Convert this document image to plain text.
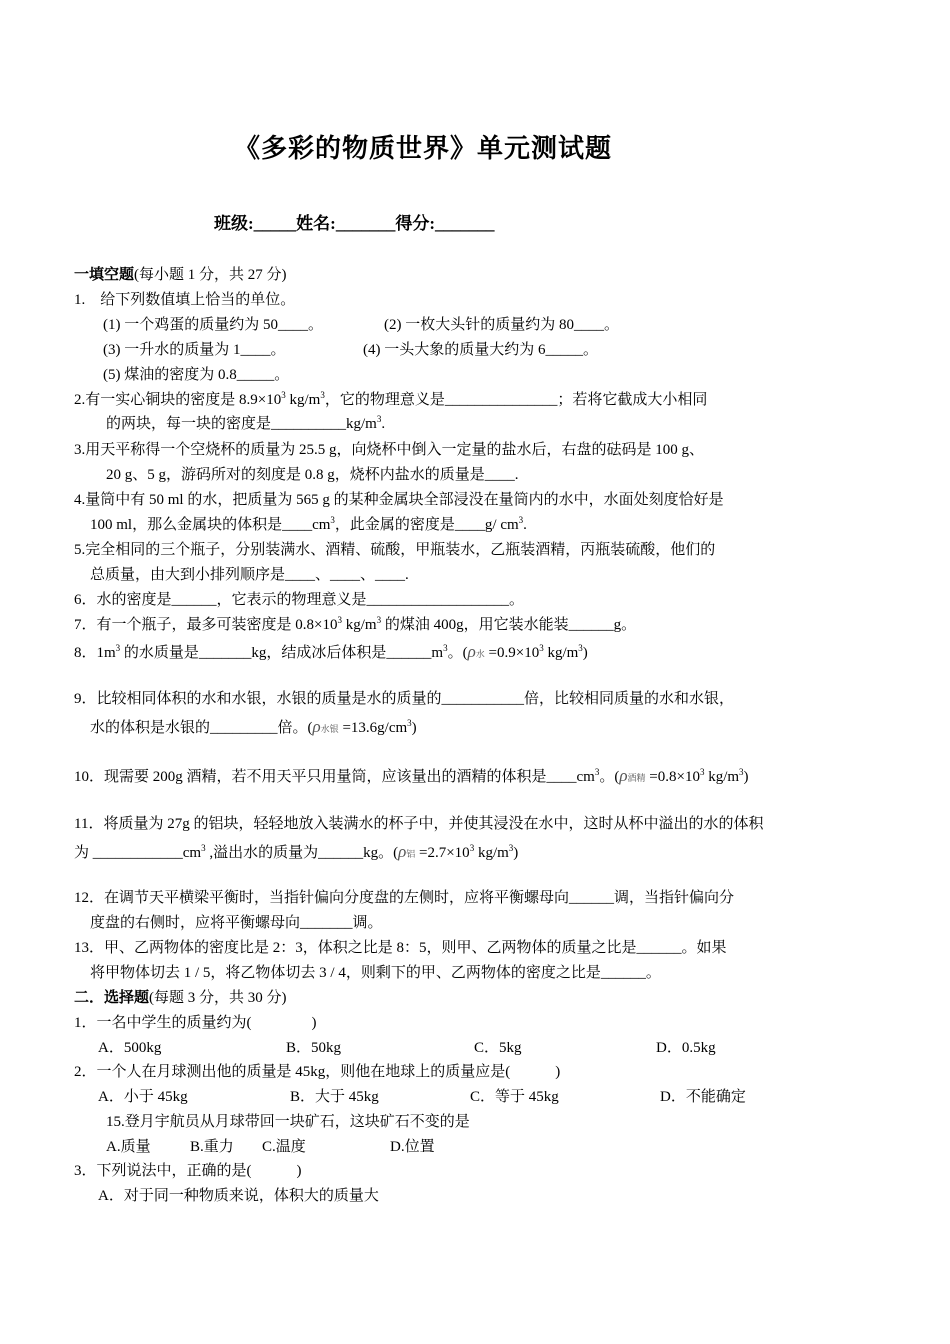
《多彩的物质世界》单元测试题
班级:_____姓名:_______得分:_______
一填空题(每小题 1 分，共 27 分)
1.　给下列数值填上恰当的单位。
(1) 一个鸡蛋的质量约为 50____。	(2) 一枚大头针的质量约为 80____。
(3) 一升水的质量为 1____。	(4) 一头大象的质量大约为 6_____。
(5) 煤油的密度为 0.8_____。
2.有一实心铜块的密度是 $8.9\times 10^3$ $kg/m^3$，它的物理意义是_______________；若将它截成大小相同
的两块，每一块的密度是$\_\_\_\_\_\_\_\_\_\_kg/m^3$.
3.用天平称得一个空烧杯的质量为 25.5 g，向烧杯中倒入一定量的盐水后，右盘的砝码是 100 g、
20 g、5 g，游码所对的刻度是 0.8 g，烧杯内盐水的质量是____.
4.量筒中有 50 ml 的水，把质量为 565 g 的某种金属块全部浸没在量筒内的水中，水面处刻度恰好是
100 ml，那么金属块的体积是$\_\_\_\_cm^3$，此金属的密度是____g/ $cm^3$.
5.完全相同的三个瓶子，分别装满水、酒精、硫酸，甲瓶装水，乙瓶装酒精，丙瓶装硫酸，他们的
总质量，由大到小排列顺序是____、____、____.
6．水的密度是______，它表示的物理意义是___________________。
7．有一个瓶子，最多可装密度是 $0.8\times 10^3$ $kg/m^3$ 的煤油 400g，用它装水能装______g。
8．$1m^3$ 的水质量是_______kg，结成冰后体积是$\_\_\_\_\_\_m^3$。(ρ水 $=0.9\times 10^3$ $kg/m^3$)
9．比较相同体积的水和水银，水银的质量是水的质量的___________倍，比较相同质量的水和水银，
水的体积是水银的_________倍。(ρ水银 $=13.6g/cm^3$)
10．现需要 200g 酒精，若不用天平只用量筒，应该量出的酒精的体积是$\_\_\_\_cm^3$。(ρ酒精 $=0.8\times 10^3$ $kg/m^3$)
11．将质量为 27g 的铝块，轻轻地放入装满水的杯子中，并使其浸没在水中，这时从杯中溢出的水的体积
为 $\_\_\_\_\_\_\_\_\_\_\_\_cm^3$ ,溢出水的质量为______kg。(ρ铝 $=2.7\times 10^3$ $kg/m^3$)
12．在调节天平横梁平衡时，当指针偏向分度盘的左侧时，应将平衡螺母向______调，当指针偏向分
度盘的右侧时，应将平衡螺母向_______调。
13．甲、乙两物体的密度比是 2：3，体积之比是 8：5，则甲、乙两物体的质量之比是______。如果
将甲物体切去 1 / 5，将乙物体切去 3 / 4，则剩下的甲、乙两物体的密度之比是______。
二．选择题(每题 3 分，共 30 分)
1．一名中学生的质量约为(　　　　)
A．500kg	B．50kg	C．5kg	D．0.5kg
2．一个人在月球测出他的质量是 45kg，则他在地球上的质量应是(　　　)
A．小于 45kg	B．大于 45kg	C．等于 45kg	D．不能确定
15.登月宇航员从月球带回一块矿石，这块矿石不变的是
A.质量	B.重力 C.温度	D.位置
3．下列说法中，正确的是(　　　)
A．对于同一种物质来说，体积大的质量大
